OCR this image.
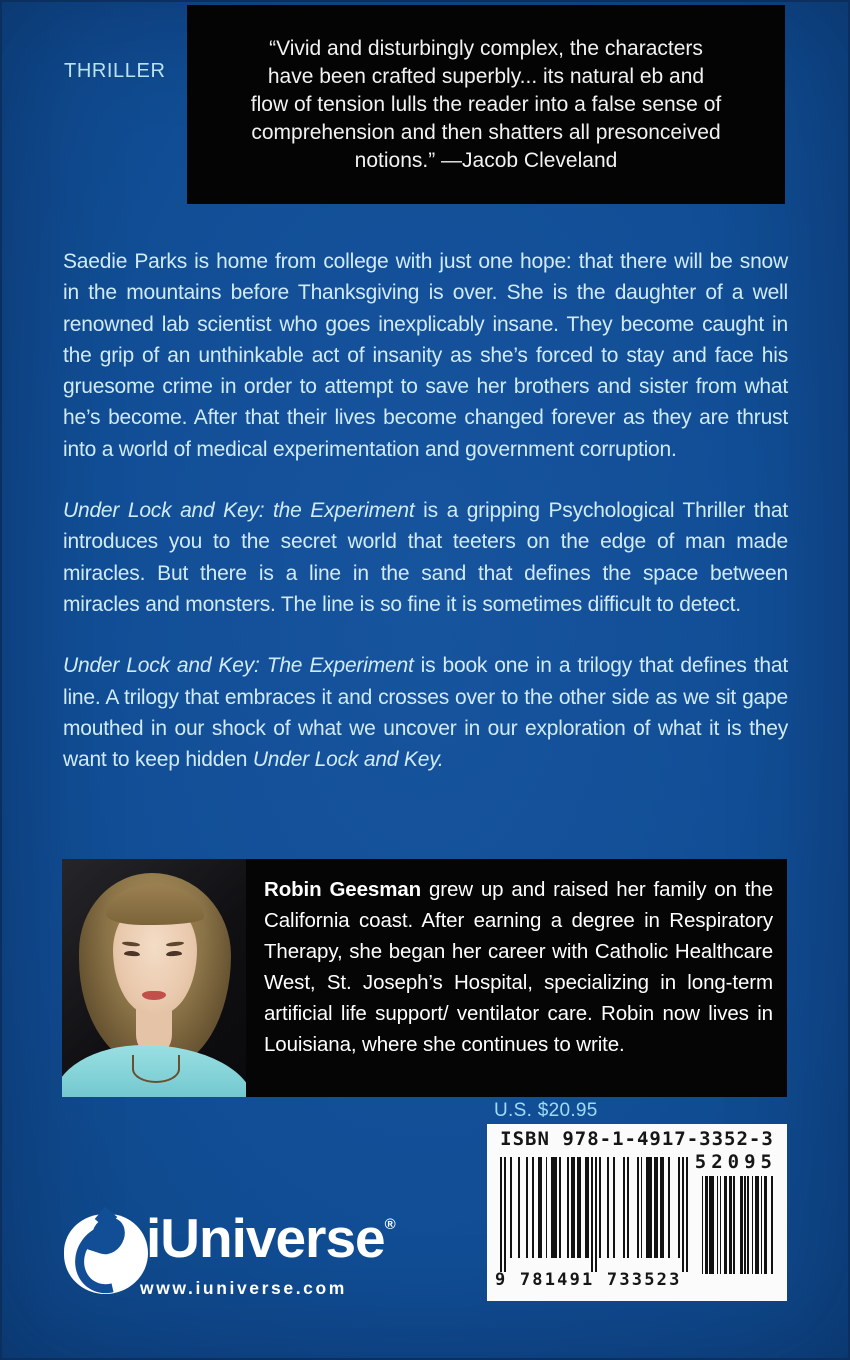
THRILLER
“Vivid and disturbingly complex, the characters
have been crafted superbly... its natural eb and
flow of tension lulls the reader into a false sense of
comprehension and then shatters all presonceived
notions.” —Jacob Cleveland

Saedie Parks is home from college with just one hope: that there will be snow in the mountains before Thanksgiving is over. She is the daughter of a well renowned lab scientist who goes inexplicably insane. They become caught in the grip of an unthinkable act of insanity as she’s forced to stay and face his gruesome crime in order to attempt to save her brothers and sister from what he’s become. After that their lives become changed forever as they are thrust into a world of medical experimentation and government corruption.

Under Lock and Key: the Experiment is a gripping Psychological Thriller that introduces you to the secret world that teeters on the edge of man made miracles. But there is a line in the sand that defines the space between miracles and monsters. The line is so fine it is sometimes difficult to detect.

Under Lock and Key: The Experiment is book one in a trilogy that defines that line. A trilogy that embraces it and crosses over to the other side as we sit gape mouthed in our shock of what we uncover in our exploration of what it is they want to keep hidden Under Lock and Key.

Robin Geesman grew up and raised her family on the California coast. After earning a degree in Respiratory Therapy, she began her career with Catholic Healthcare West, St. Joseph’s Hospital, specializing in long-term artificial life support/ ventilator care. Robin now lives in Louisiana, where she continues to write.
U.S. $20.95
ISBN 978-1-4917-3352-3
52095
9 781491 733523
iUniverse®
www.iuniverse.com
